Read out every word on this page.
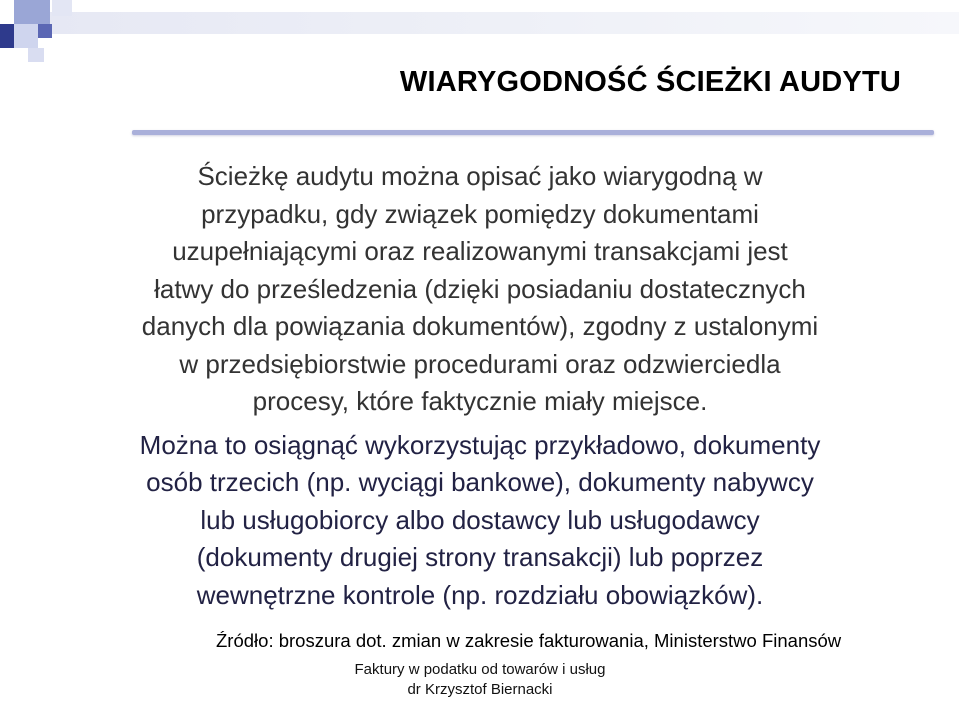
WIARYGODNOŚĆ ŚCIEŻKI AUDYTU

Ścieżkę audytu można opisać jako wiarygodną w
przypadku, gdy związek pomiędzy dokumentami
uzupełniającymi oraz realizowanymi transakcjami jest
łatwy do prześledzenia (dzięki posiadaniu dostatecznych
danych dla powiązania dokumentów), zgodny z ustalonymi
w przedsiębiorstwie procedurami oraz odzwierciedla
procesy, które faktycznie miały miejsce.

Można to osiągnąć wykorzystując przykładowo, dokumenty
osób trzecich (np. wyciągi bankowe), dokumenty nabywcy
lub usługobiorcy albo dostawcy lub usługodawcy
(dokumenty drugiej strony transakcji) lub poprzez
wewnętrzne kontrole (np. rozdziału obowiązków).

Źródło: broszura dot. zmian w zakresie fakturowania, Ministerstwo Finansów
Faktury w podatku od towarów i usług
dr Krzysztof Biernacki
